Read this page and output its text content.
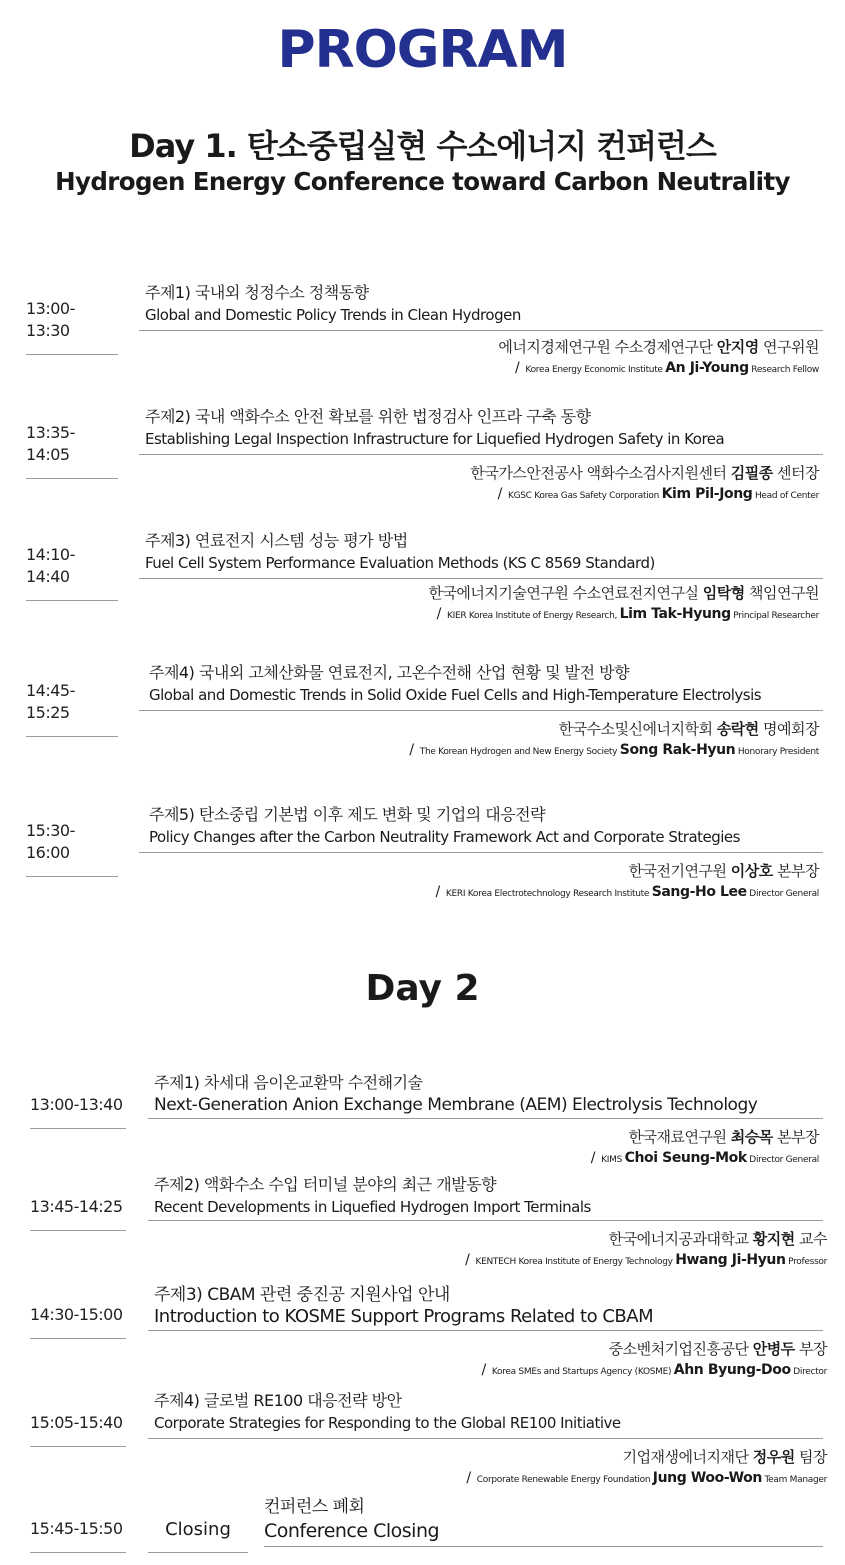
PROGRAM
Day 1. 탄소중립실현 수소에너지 컨퍼런스
Hydrogen Energy Conference toward Carbon Neutrality
13:00-13:30
주제1) 국내외 청정수소 정책동향
Global and Domestic Policy Trends in Clean Hydrogen
에너지경제연구원 수소경제연구단 안지영 연구위원
/ Korea Energy Economic Institute An Ji-Young Research Fellow
13:35-14:05
주제2) 국내 액화수소 안전 확보를 위한 법정검사 인프라 구축 동향
Establishing Legal Inspection Infrastructure for Liquefied Hydrogen Safety in Korea
한국가스안전공사 액화수소검사지원센터 김필종 센터장
/ KGSC Korea Gas Safety Corporation Kim Pil-Jong Head of Center
14:10-14:40
주제3) 연료전지 시스템 성능 평가 방법
Fuel Cell System Performance Evaluation Methods (KS C 8569 Standard)
한국에너지기술연구원 수소연료전지연구실 임탁형 책임연구원
/ KIER Korea Institute of Energy Research, Lim Tak-Hyung Principal Researcher
14:45-15:25
주제4) 국내외 고체산화물 연료전지, 고온수전해 산업 현황 및 발전 방향
Global and Domestic Trends in Solid Oxide Fuel Cells and High-Temperature Electrolysis
한국수소및신에너지학회 송락현 명예회장
/ The Korean Hydrogen and New Energy Society Song Rak-Hyun Honorary President
15:30-16:00
주제5) 탄소중립 기본법 이후 제도 변화 및 기업의 대응전략
Policy Changes after the Carbon Neutrality Framework Act and Corporate Strategies
한국전기연구원 이상호 본부장
/ KERI Korea Electrotechnology Research Institute Sang-Ho Lee Director General
Day 2
13:00-13:40
주제1) 차세대 음이온교환막 수전해기술
Next-Generation Anion Exchange Membrane (AEM) Electrolysis Technology
한국재료연구원 최승목 본부장
/ KIMS Choi Seung-Mok Director General
13:45-14:25
주제2) 액화수소 수입 터미널 분야의 최근 개발동향
Recent Developments in Liquefied Hydrogen Import Terminals
한국에너지공과대학교 황지현 교수
/ KENTECH Korea Institute of Energy Technology Hwang Ji-Hyun Professor
14:30-15:00
주제3) CBAM 관련 중진공 지원사업 안내
Introduction to KOSME Support Programs Related to CBAM
중소벤처기업진흥공단 안병두 부장
/ Korea SMEs and Startups Agency (KOSME) Ahn Byung-Doo Director
15:05-15:40
주제4) 글로벌 RE100 대응전략 방안
Corporate Strategies for Responding to the Global RE100 Initiative
기업재생에너지재단 정우원 팀장
/ Corporate Renewable Energy Foundation Jung Woo-Won Team Manager
15:45-15:50	Closing
컨퍼런스 폐회
Conference Closing
